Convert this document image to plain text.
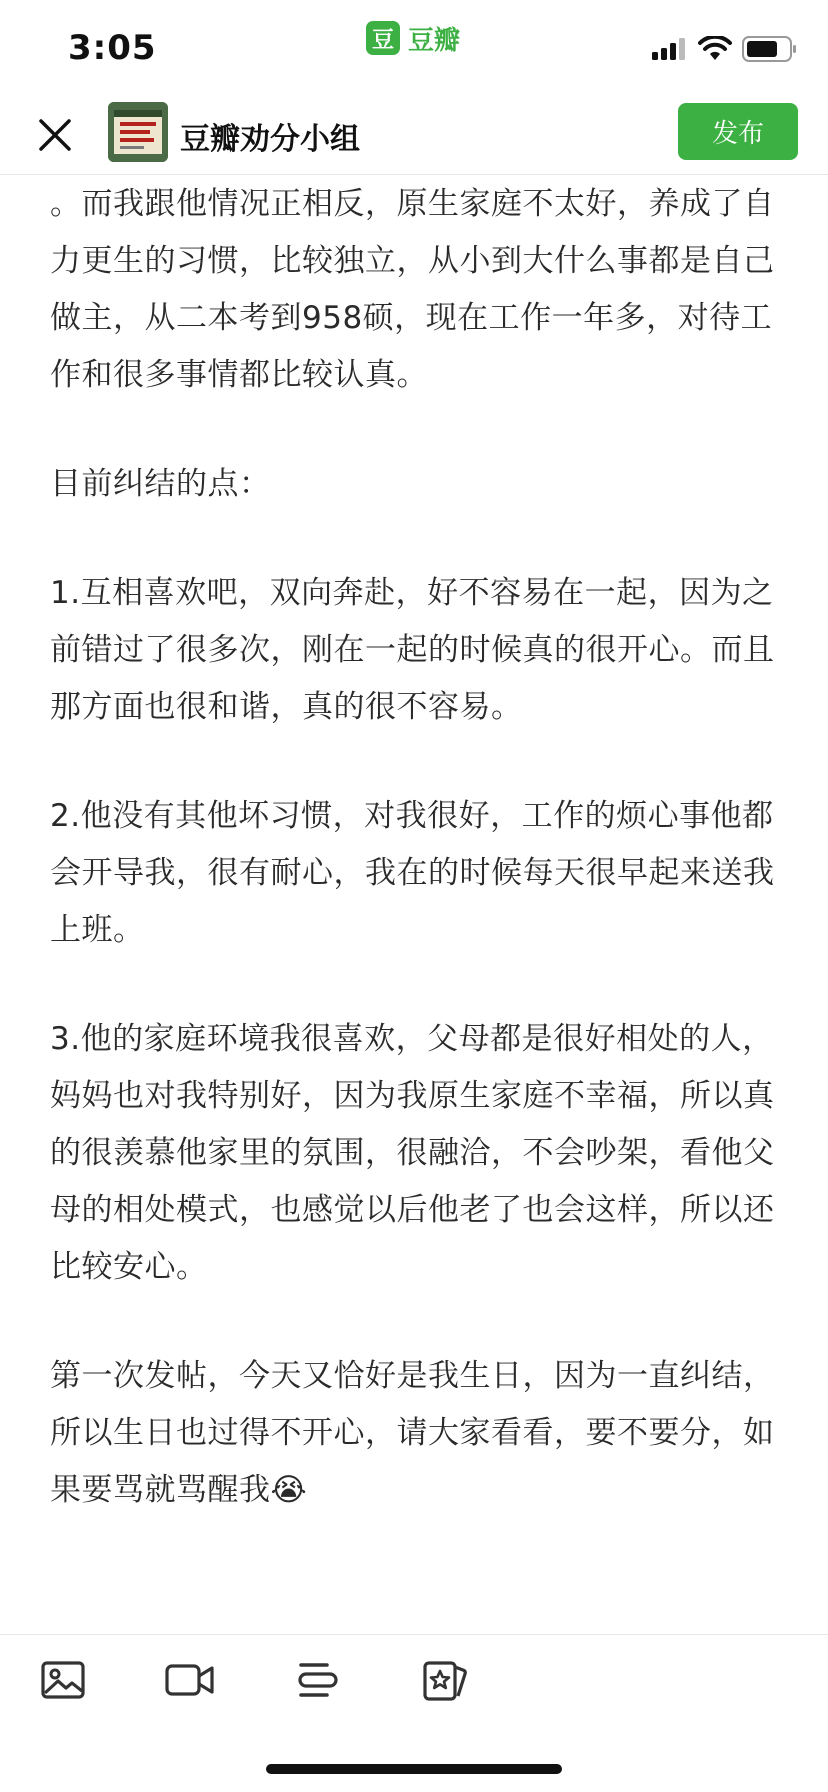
3:05	豆 豆瓣
豆瓣劝分小组	发布

。而我跟他情况正相反，原生家庭不太好，养成了自力更生的习惯，比较独立，从小到大什么事都是自己做主，从二本考到958硕，现在工作一年多，对待工作和很多事情都比较认真。

目前纠结的点：

1.互相喜欢吧，双向奔赴，好不容易在一起，因为之前错过了很多次，刚在一起的时候真的很开心。而且那方面也很和谐，真的很不容易。

2.他没有其他坏习惯，对我很好，工作的烦心事他都会开导我，很有耐心，我在的时候每天很早起来送我上班。

3.他的家庭环境我很喜欢，父母都是很好相处的人，妈妈也对我特别好，因为我原生家庭不幸福，所以真的很羡慕他家里的氛围，很融洽，不会吵架，看他父母的相处模式，也感觉以后他老了也会这样，所以还比较安心。

第一次发帖，今天又恰好是我生日，因为一直纠结，所以生日也过得不开心，请大家看看，要不要分，如果要骂就骂醒我😭
